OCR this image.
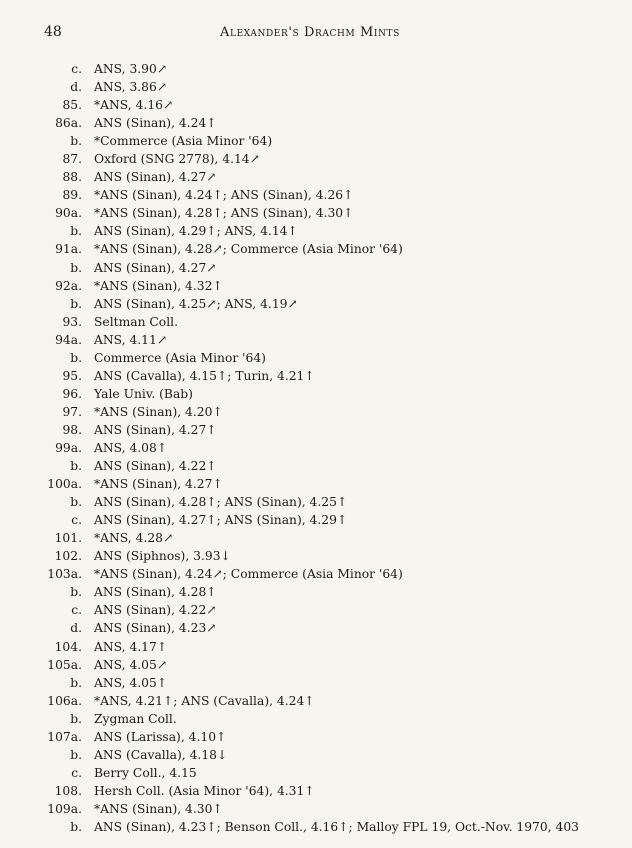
48	Alexander's Drachm Mints
c. ANS, 3.90↗
d. ANS, 3.86↗
85. *ANS, 4.16↗
86a. ANS (Sinan), 4.24↑
b. *Commerce (Asia Minor '64)
87. Oxford (SNG 2778), 4.14↗
88. ANS (Sinan), 4.27↗
89. *ANS (Sinan), 4.24↑; ANS (Sinan), 4.26↑
90a. *ANS (Sinan), 4.28↑; ANS (Sinan), 4.30↑
b. ANS (Sinan), 4.29↑; ANS, 4.14↑
91a. *ANS (Sinan), 4.28↗; Commerce (Asia Minor '64)
b. ANS (Sinan), 4.27↗
92a. *ANS (Sinan), 4.32↑
b. ANS (Sinan), 4.25↗; ANS, 4.19↗
93. Seltman Coll.
94a. ANS, 4.11↗
b. Commerce (Asia Minor '64)
95. ANS (Cavalla), 4.15↑; Turin, 4.21↑
96. Yale Univ. (Bab)
97. *ANS (Sinan), 4.20↑
98. ANS (Sinan), 4.27↑
99a. ANS, 4.08↑
b. ANS (Sinan), 4.22↑
100a. *ANS (Sinan), 4.27↑
b. ANS (Sinan), 4.28↑; ANS (Sinan), 4.25↑
c. ANS (Sinan), 4.27↑; ANS (Sinan), 4.29↑
101. *ANS, 4.28↗
102. ANS (Siphnos), 3.93↓
103a. *ANS (Sinan), 4.24↗; Commerce (Asia Minor '64)
b. ANS (Sinan), 4.28↑
c. ANS (Sinan), 4.22↗
d. ANS (Sinan), 4.23↗
104. ANS, 4.17↑
105a. ANS, 4.05↗
b. ANS, 4.05↑
106a. *ANS, 4.21↑; ANS (Cavalla), 4.24↑
b. Zygman Coll.
107a. ANS (Larissa), 4.10↑
b. ANS (Cavalla), 4.18↓
c. Berry Coll., 4.15
108. Hersh Coll. (Asia Minor '64), 4.31↑
109a. *ANS (Sinan), 4.30↑
b. ANS (Sinan), 4.23↑; Benson Coll., 4.16↑; Malloy FPL 19, Oct.-Nov. 1970, 403
